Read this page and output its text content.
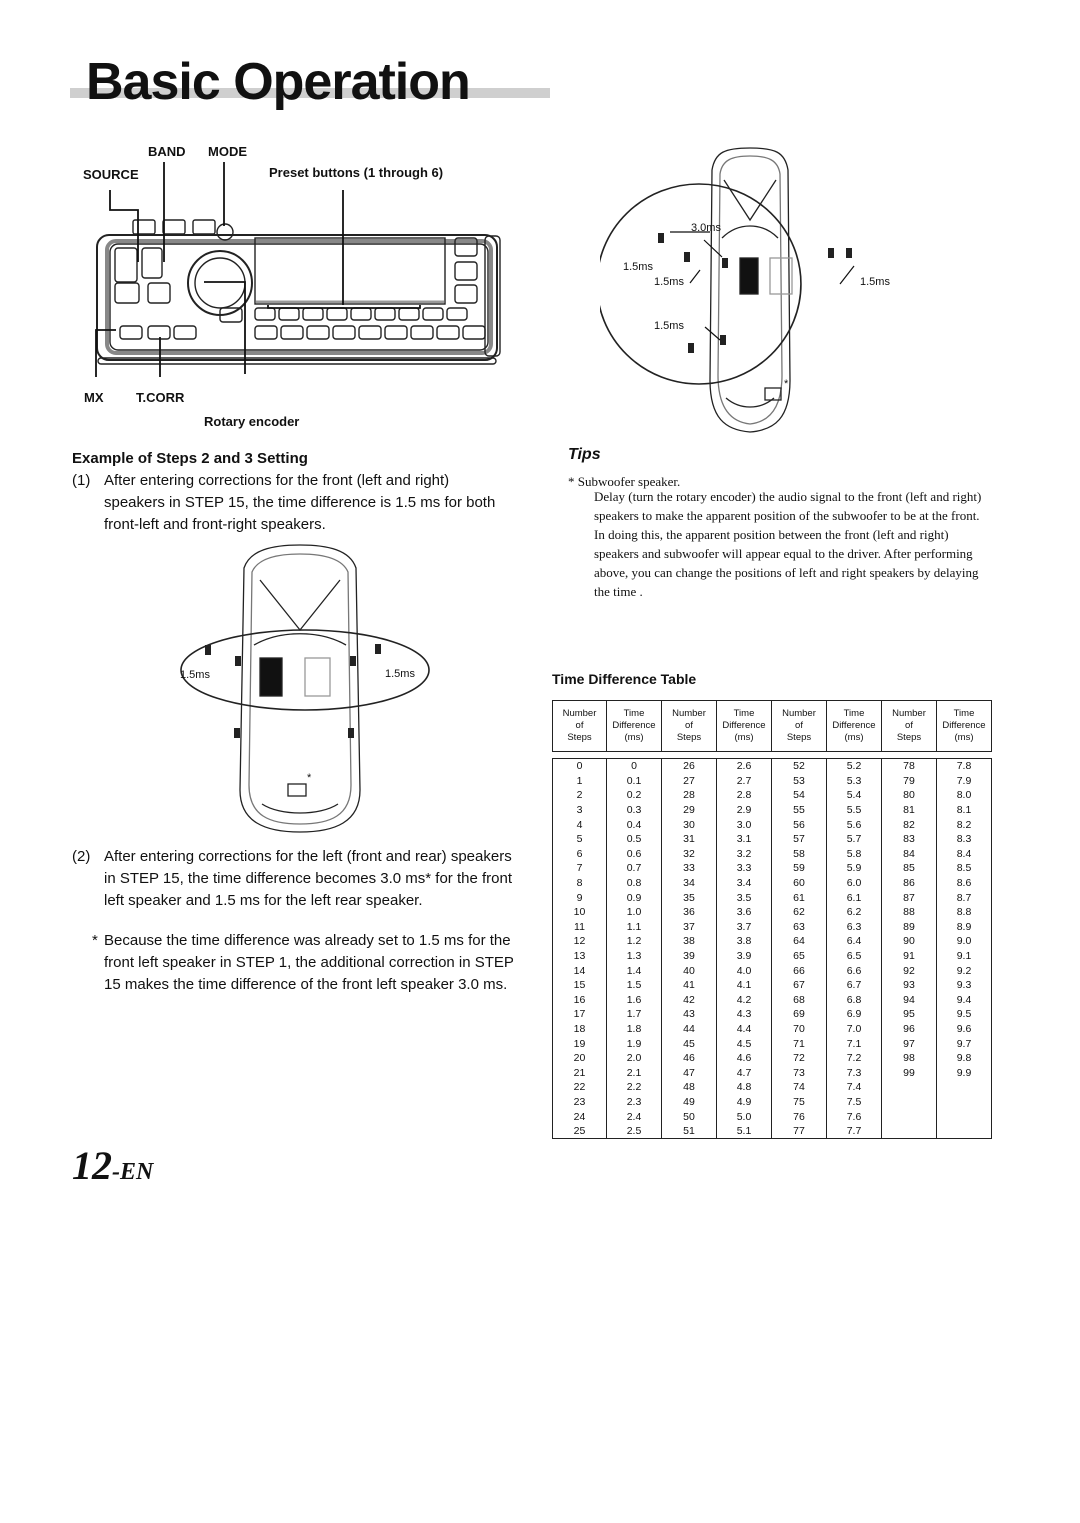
Basic Operation
BAND MODE
SOURCE	Preset buttons (1 through 6)
MX	T.CORR
Rotary encoder
3.0ms
1.5ms
1.5ms	1.5ms
1.5ms
*
Example of Steps 2 and 3 Setting
(1) After entering corrections for the front (left and right) speakers in STEP 15, the time difference is 1.5 ms for both front-left and front-right speakers.
1.5ms	1.5ms
*
(2) After entering corrections for the left (front and rear) speakers in STEP 15, the time difference becomes 3.0 ms* for the front left speaker and 1.5 ms for the left rear speaker.
* Because the time difference was already set to 1.5 ms for the front left speaker in STEP 1, the additional correction in STEP 15 makes the time difference of the front left speaker 3.0 ms.
Tips
* Subwoofer speaker.
Delay (turn the rotary encoder) the audio signal to the front (left and right) speakers to make the apparent position of the subwoofer to be at the front. In doing this, the apparent position between the front (left and right) speakers and subwoofer will appear equal to the driver. After performing above, you can change the positions of left and right speakers by delaying the time .
Time Difference Table
Number
of
Steps	Time
Difference
(ms)	Number
of
Steps	Time
Difference
(ms)	Number
of
Steps	Time
Difference
(ms)	Number
of
Steps	Time
Difference
(ms)

0	0	26	2.6	52	5.2	78	7.8
1	0.1	27	2.7	53	5.3	79	7.9
2	0.2	28	2.8	54	5.4	80	8.0
3	0.3	29	2.9	55	5.5	81	8.1
4	0.4	30	3.0	56	5.6	82	8.2
5	0.5	31	3.1	57	5.7	83	8.3
6	0.6	32	3.2	58	5.8	84	8.4
7	0.7	33	3.3	59	5.9	85	8.5
8	0.8	34	3.4	60	6.0	86	8.6
9	0.9	35	3.5	61	6.1	87	8.7
10	1.0	36	3.6	62	6.2	88	8.8
11	1.1	37	3.7	63	6.3	89	8.9
12	1.2	38	3.8	64	6.4	90	9.0
13	1.3	39	3.9	65	6.5	91	9.1
14	1.4	40	4.0	66	6.6	92	9.2
15	1.5	41	4.1	67	6.7	93	9.3
16	1.6	42	4.2	68	6.8	94	9.4
17	1.7	43	4.3	69	6.9	95	9.5
18	1.8	44	4.4	70	7.0	96	9.6
19	1.9	45	4.5	71	7.1	97	9.7
20	2.0	46	4.6	72	7.2	98	9.8
21	2.1	47	4.7	73	7.3	99	9.9
22	2.2	48	4.8	74	7.4		
23	2.3	49	4.9	75	7.5		
24	2.4	50	5.0	76	7.6		
25	2.5	51	5.1	77	7.7		
12-EN
